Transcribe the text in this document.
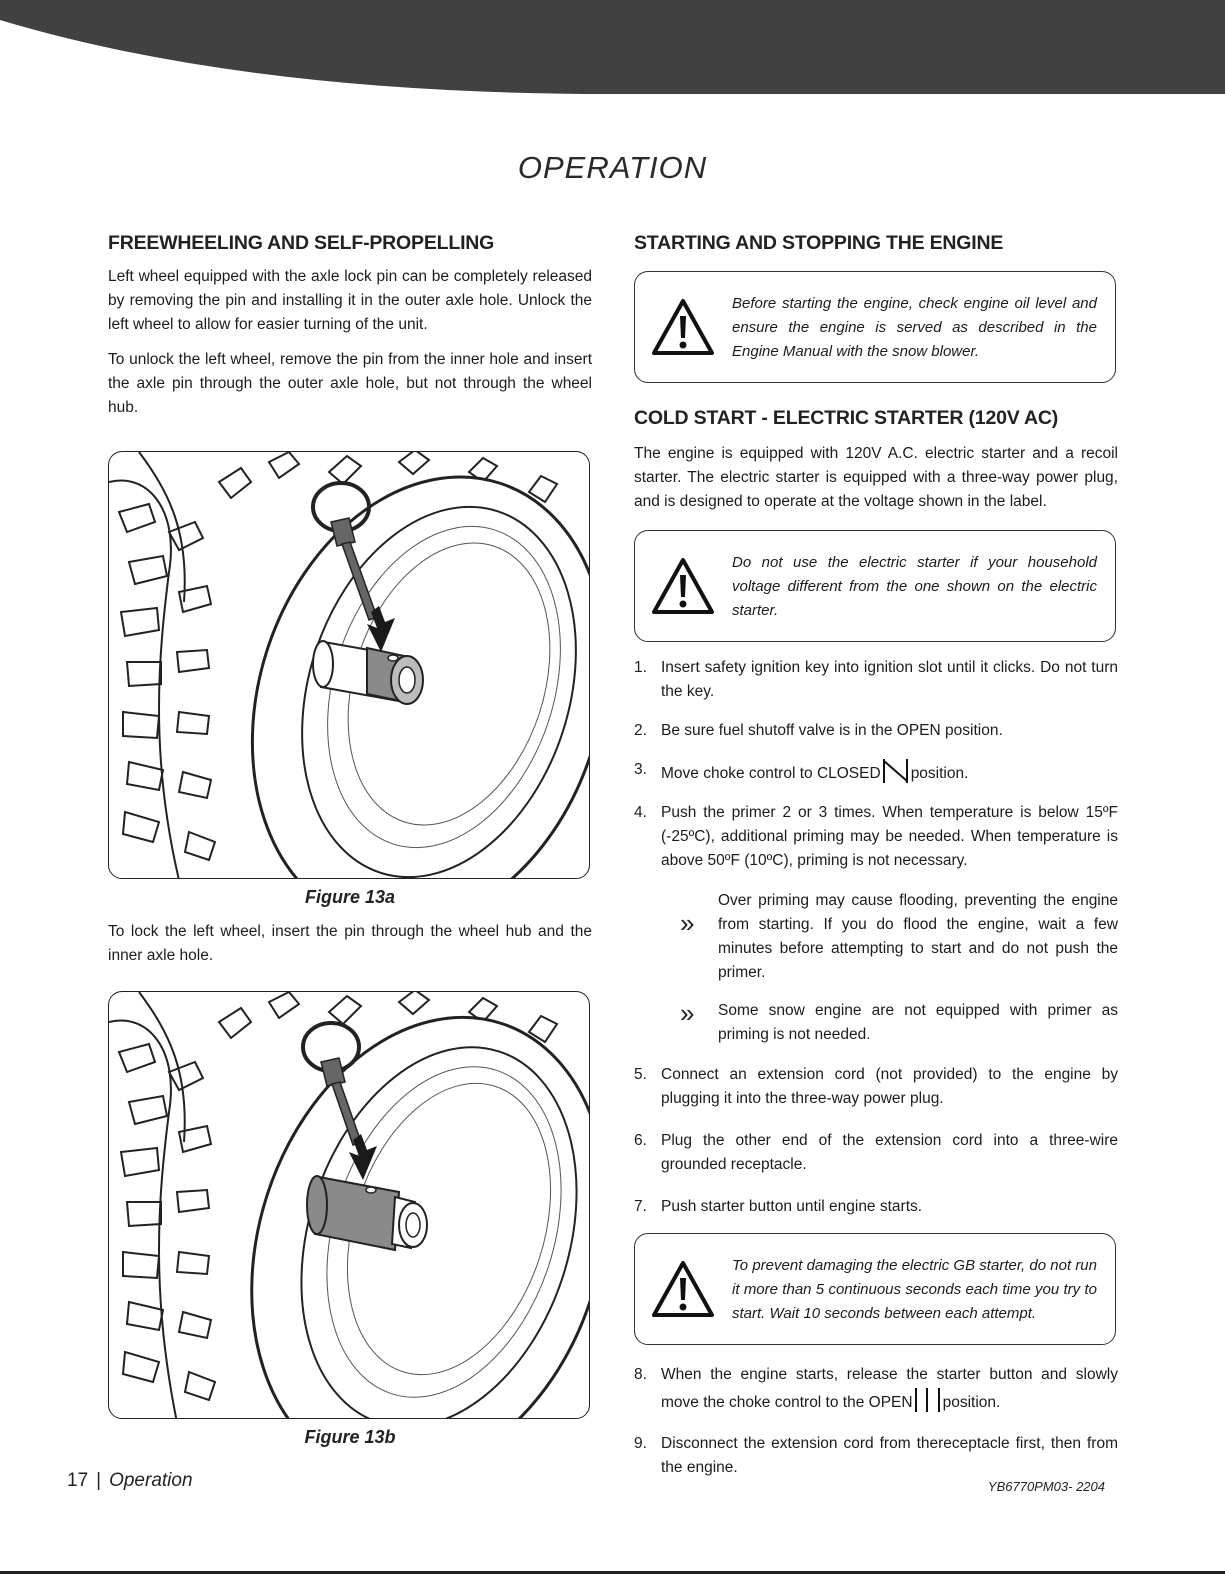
OPERATION
FREEWHEELING AND SELF-PROPELLING

Left wheel equipped with the axle lock pin can be completely released by removing the pin and installing it in the outer axle hole. Unlock the left wheel to allow for easier turning of the unit.

To unlock the left wheel, remove the pin from the inner hole and insert the axle pin through the outer axle hole, but not through the wheel hub.

Figure 13a

To lock the left wheel, insert the pin through the wheel hub and the inner axle hole.

Figure 13b
STARTING AND STOPPING THE ENGINE
Before starting the engine, check engine oil level and ensure the engine is served as described in the Engine Manual with the snow blower.
COLD START - ELECTRIC STARTER (120V AC)

The engine is equipped with 120V A.C. electric starter and a recoil starter. The electric starter is equipped with a three-way power plug, and is designed to operate at the voltage shown in the label.

Do not use the electric starter if your household voltage different from the one shown on the electric starter.
1. Insert safety ignition key into ignition slot until it clicks. Do not turn the key.
2. Be sure fuel shutoff valve is in the OPEN position.
3. Move choke control to CLOSED position.
4. Push the primer 2 or 3 times. When temperature is below 15ºF (-25ºC), additional priming may be needed. When temperature is above 50ºF (10ºC), priming is not necessary.
»
Over priming may cause flooding, preventing the engine from starting. If you do flood the engine, wait a few minutes before attempting to start and do not push the primer.
» Some snow engine are not equipped with primer as priming is not needed.
5. Connect an extension cord (not provided) to the engine by plugging it into the three-way power plug.
6. Plug the other end of the extension cord into a three-wire grounded receptacle.
7. Push starter button until engine starts.
To prevent damaging the electric GB starter, do not run it more than 5 continuous seconds each time you try to start. Wait 10 seconds between each attempt.
8. When the engine starts, release the starter button and slowly move the choke control to the OPEN position.
9. Disconnect the extension cord from thereceptacle first, then from the engine.
17 | Operation	YB6770PM03- 2204
